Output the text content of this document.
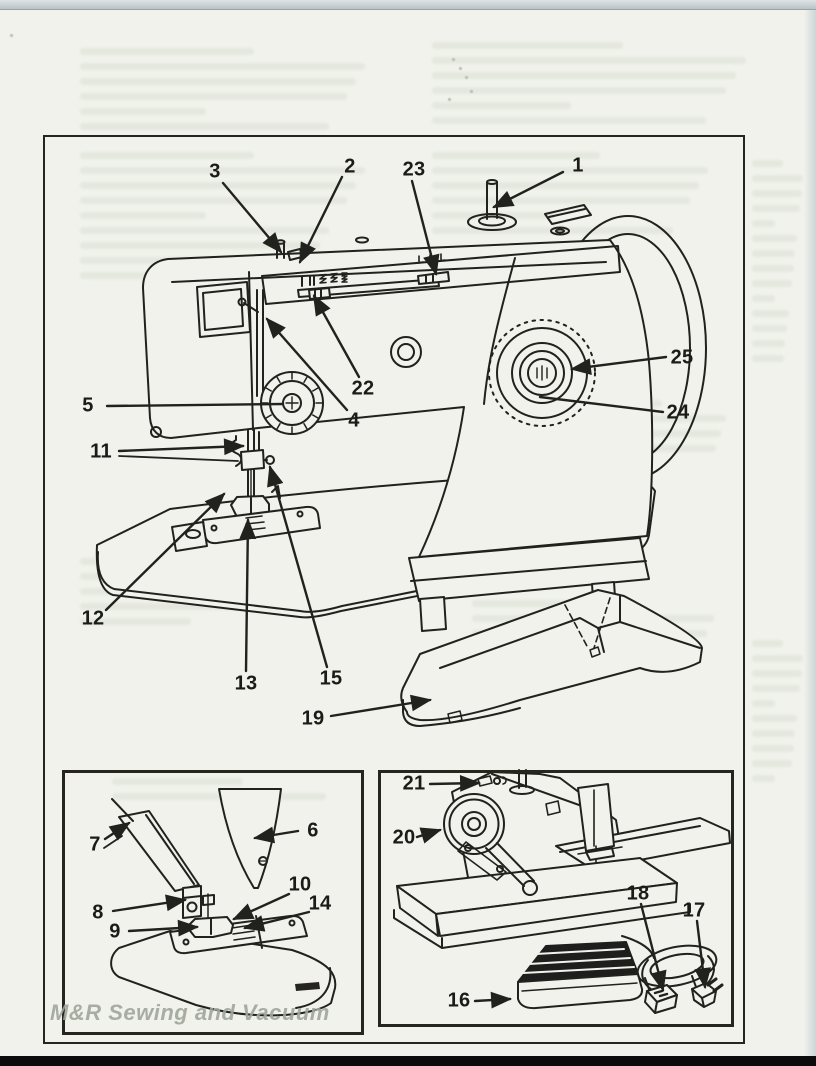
1
2
3
4
5
11
12
13	15
19
22
23
24
25
6
7
8
9
10
14
16
17
18
20
21
M&R Sewing and Vacuum
